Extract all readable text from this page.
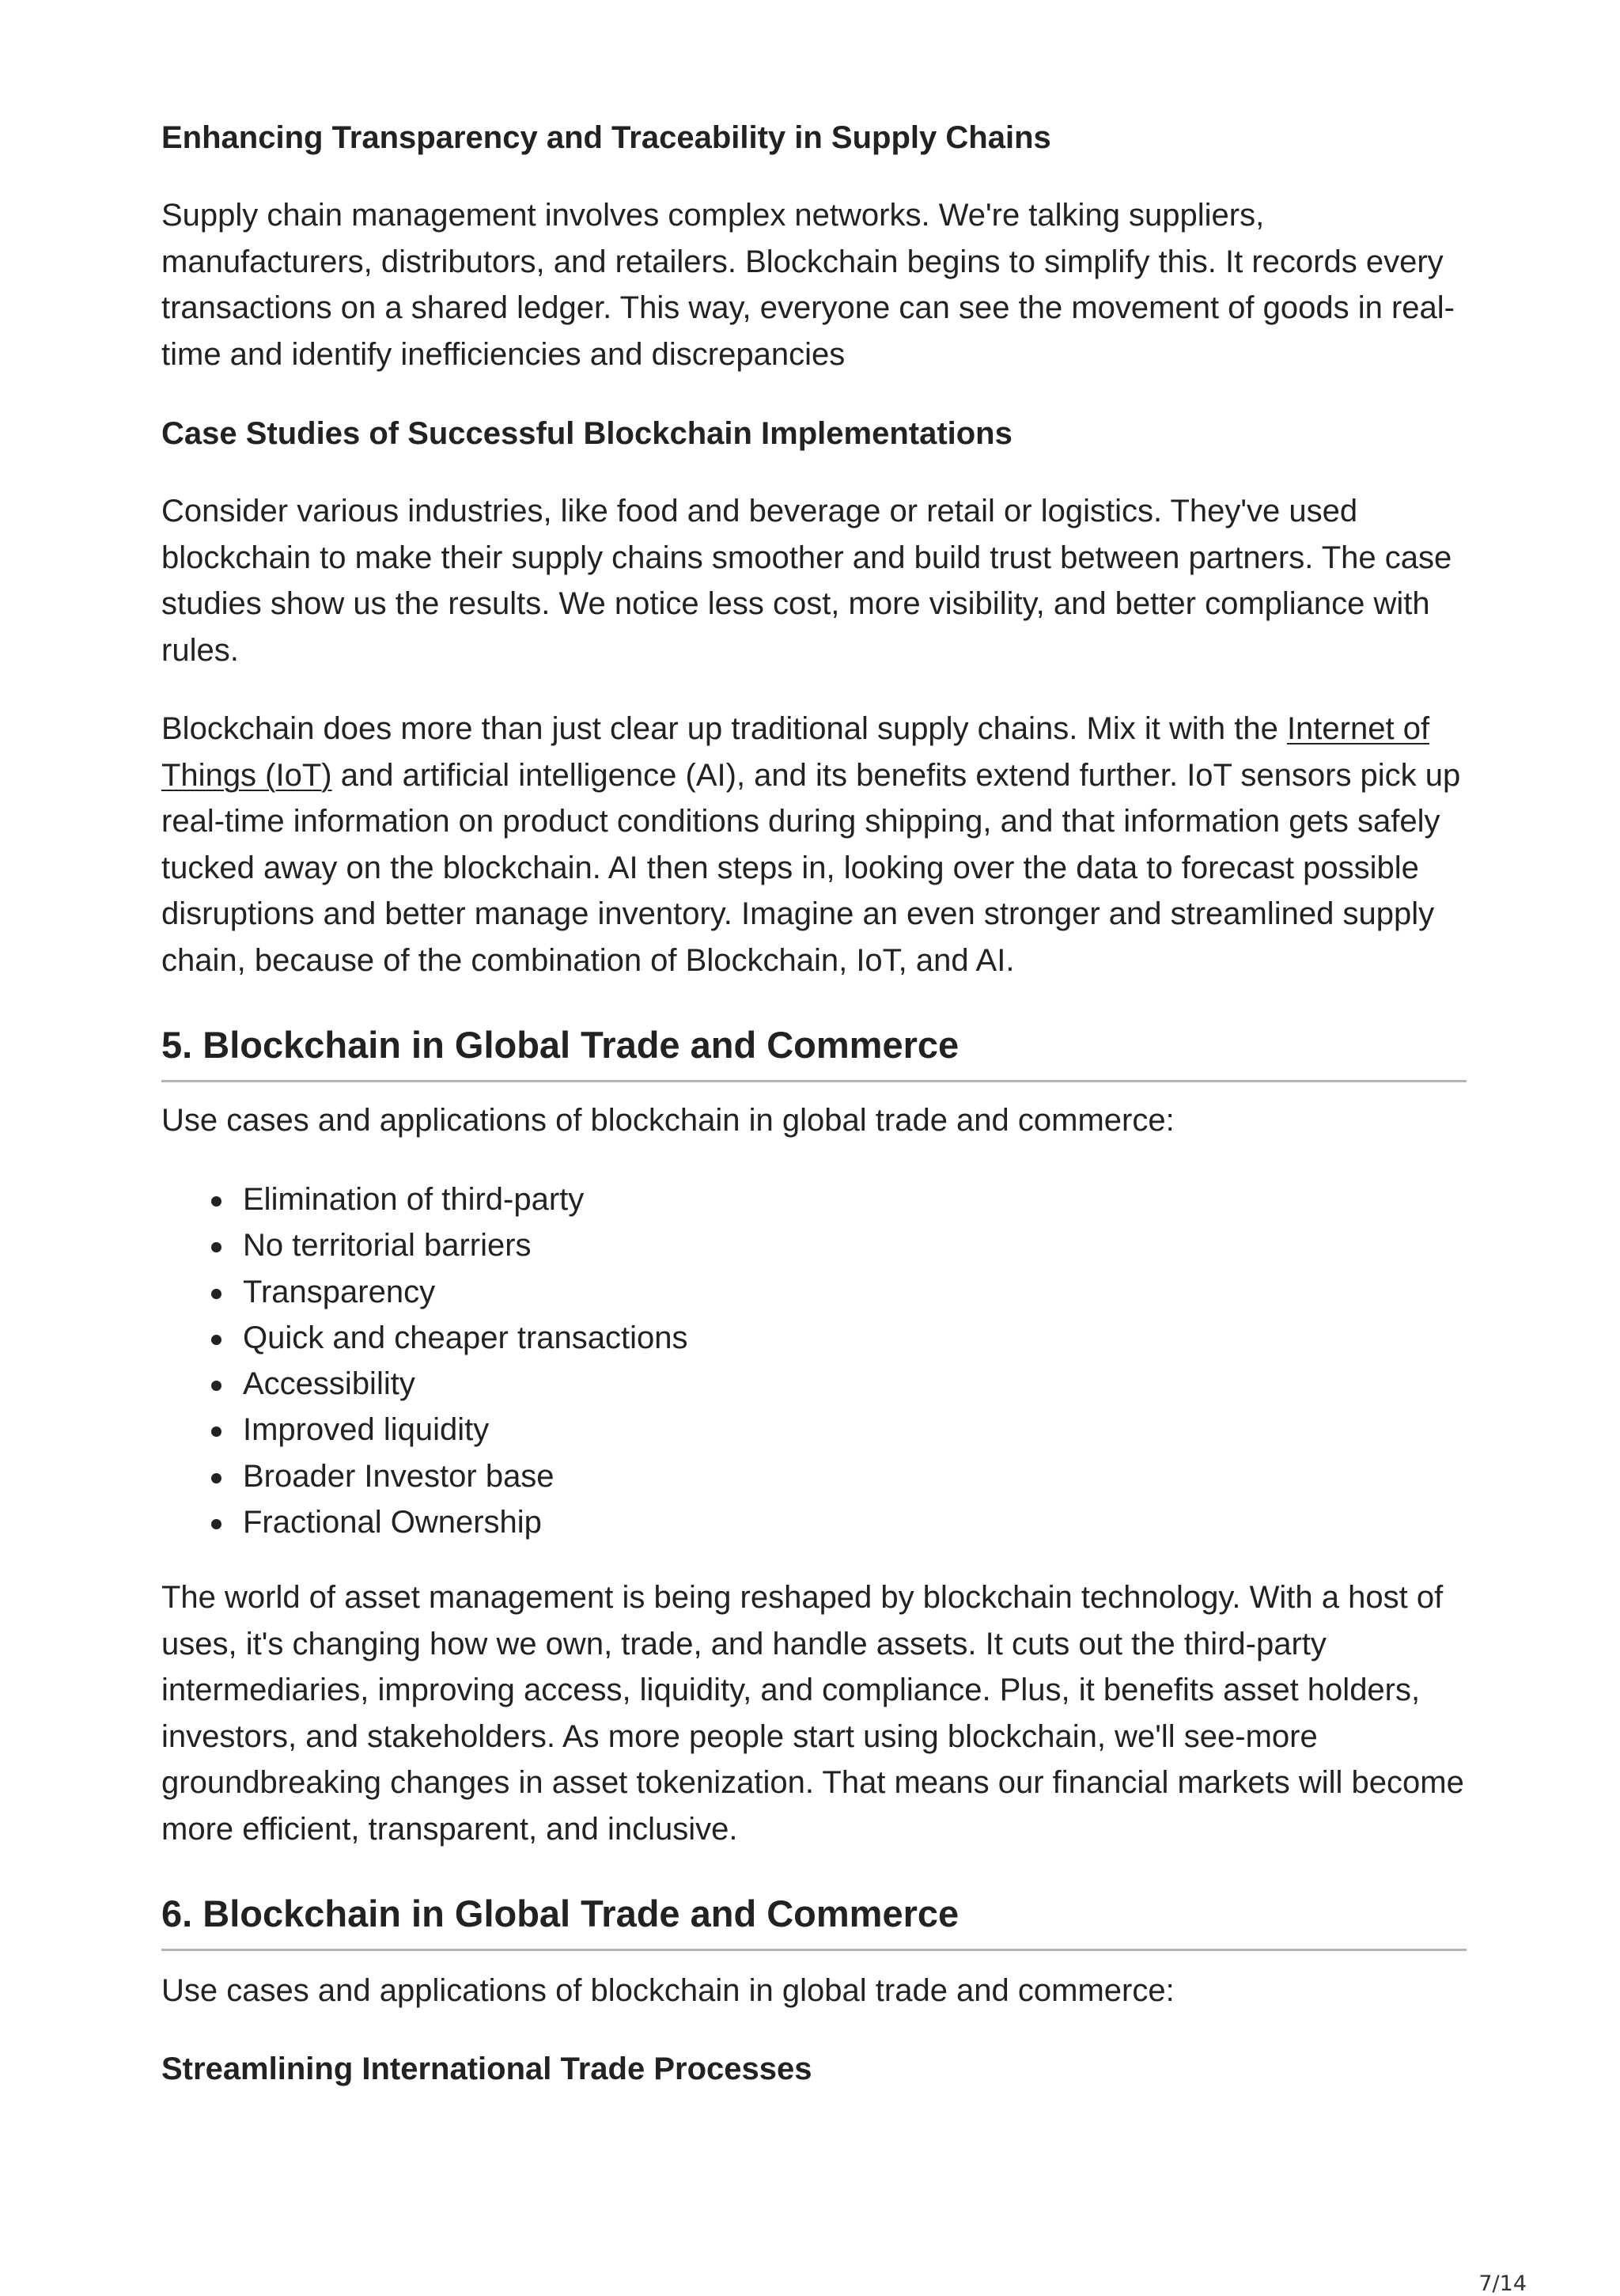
Enhancing Transparency and Traceability in Supply Chains

Supply chain management involves complex networks. We're talking suppliers, manufacturers, distributors, and retailers. Blockchain begins to simplify this. It records every transactions on a shared ledger. This way, everyone can see the movement of goods in real-time and identify inefficiencies and discrepancies

Case Studies of Successful Blockchain Implementations

Consider various industries, like food and beverage or retail or logistics. They've used blockchain to make their supply chains smoother and build trust between partners. The case studies show us the results. We notice less cost, more visibility, and better compliance with rules.

Blockchain does more than just clear up traditional supply chains. Mix it with the Internet of Things (IoT) and artificial intelligence (AI), and its benefits extend further. IoT sensors pick up real-time information on product conditions during shipping, and that information gets safely tucked away on the blockchain. AI then steps in, looking over the data to forecast possible disruptions and better manage inventory. Imagine an even stronger and streamlined supply chain, because of the combination of Blockchain, IoT, and AI.

5. Blockchain in Global Trade and Commerce

Use cases and applications of blockchain in global trade and commerce:

Elimination of third-party
No territorial barriers
Transparency
Quick and cheaper transactions
Accessibility
Improved liquidity
Broader Investor base
Fractional Ownership

The world of asset management is being reshaped by blockchain technology. With a host of uses, it's changing how we own, trade, and handle assets. It cuts out the third-party intermediaries, improving access, liquidity, and compliance. Plus, it benefits asset holders, investors, and stakeholders. As more people start using blockchain, we'll see-more groundbreaking changes in asset tokenization. That means our financial markets will become more efficient, transparent, and inclusive.

6. Blockchain in Global Trade and Commerce

Use cases and applications of blockchain in global trade and commerce:

Streamlining International Trade Processes
7/14
